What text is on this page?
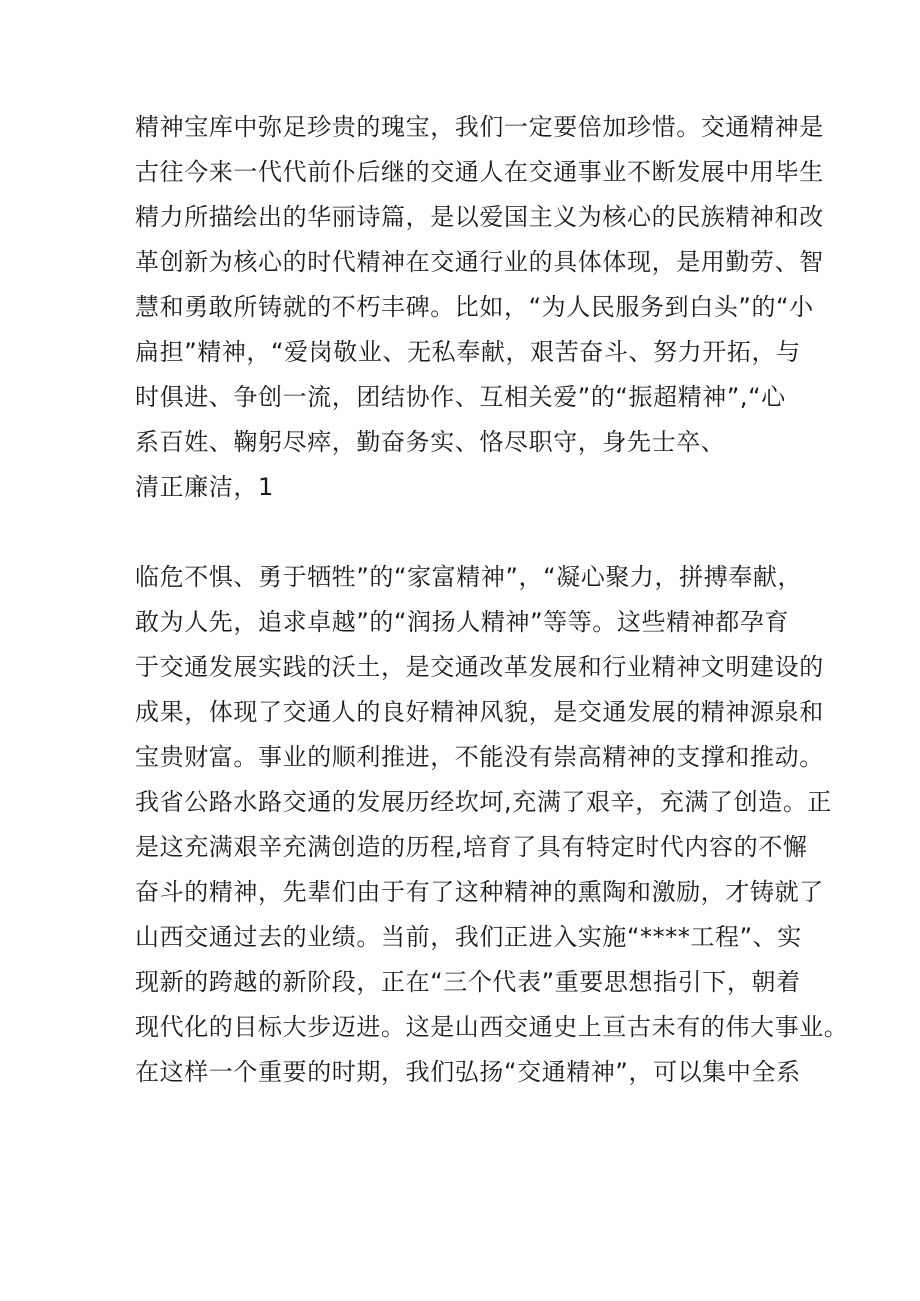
精神宝库中弥足珍贵的瑰宝，我们一定要倍加珍惜。交通精神是

古往今来一代代前仆后继的交通人在交通事业不断发展中用毕生

精力所描绘出的华丽诗篇，是以爱国主义为核心的民族精神和改

革创新为核心的时代精神在交通行业的具体体现，是用勤劳、智

慧和勇敢所铸就的不朽丰碑。比如，“为人民服务到白头”的“小

扁担”精神，“爱岗敬业、无私奉献，艰苦奋斗、努力开拓，与

时俱进、争创一流，团结协作、互相关爱”的“振超精神”,“心

系百姓、鞠躬尽瘁，勤奋务实、恪尽职守，身先士卒、

清正廉洁，1

临危不惧、勇于牺牲”的“家富精神”，“凝心聚力，拼搏奉献，

敢为人先，追求卓越”的“润扬人精神”等等。这些精神都孕育

于交通发展实践的沃土，是交通改革发展和行业精神文明建设的

成果，体现了交通人的良好精神风貌，是交通发展的精神源泉和

宝贵财富。事业的顺利推进，不能没有崇高精神的支撑和推动。

我省公路水路交通的发展历经坎坷,充满了艰辛，充满了创造。正

是这充满艰辛充满创造的历程,培育了具有特定时代内容的不懈

奋斗的精神，先辈们由于有了这种精神的熏陶和激励，才铸就了

山西交通过去的业绩。当前，我们正进入实施“****工程”、实

现新的跨越的新阶段，正在“三个代表”重要思想指引下，朝着

现代化的目标大步迈进。这是山西交通史上亘古未有的伟大事业。

在这样一个重要的时期，我们弘扬“交通精神”，可以集中全系
